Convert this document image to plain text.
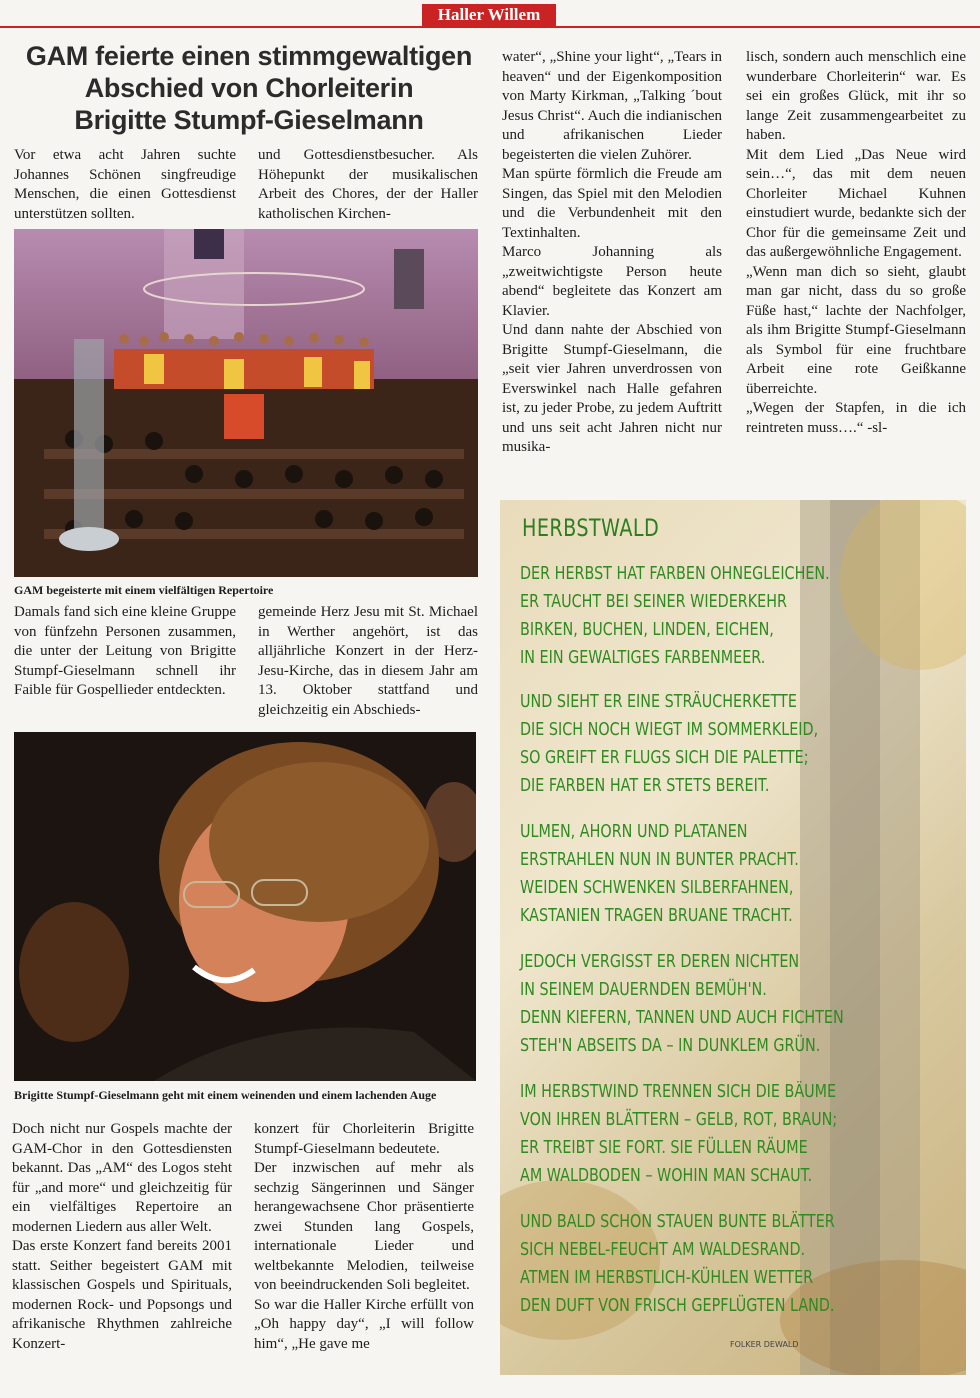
Haller Willem
GAM feierte einen stimmgewaltigen
Abschied von Chorleiterin
Brigitte Stumpf-Gieselmann

Vor etwa acht Jahren suchte Johannes Schönen singfreudige Menschen, die einen Gottesdienst unterstützen sollten.

und Gottesdienstbesucher. Als Höhepunkt der musikalischen Arbeit des Chores, der der Haller katholischen Kirchen-

GAM begeisterte mit einem vielfältigen Repertoire

Damals fand sich eine kleine Gruppe von fünfzehn Personen zusammen, die unter der Leitung von Brigitte Stumpf-Gieselmann schnell ihr Faible für Gospellieder entdeckten.

gemeinde Herz Jesu mit St. Michael in Werther angehört, ist das alljährliche Konzert in der Herz-Jesu-Kirche, das in diesem Jahr am 13. Oktober stattfand und gleichzeitig ein Abschieds-

Brigitte Stumpf-Gieselmann geht mit einem weinenden und einem lachenden Auge

Doch nicht nur Gospels machte der GAM-Chor in den Gottesdiensten bekannt. Das „AM“ des Logos steht für „and more“ und gleichzeitig für ein vielfältiges Repertoire an modernen Liedern aus aller Welt.

Das erste Konzert fand bereits 2001 statt. Seither begeistert GAM mit klassischen Gospels und Spirituals, modernen Rock- und Popsongs und afrikanische Rhythmen zahlreiche Konzert-

konzert für Chorleiterin Brigitte Stumpf-Gieselmann bedeutete.

Der inzwischen auf mehr als sechzig Sängerinnen und Sänger herangewachsene Chor präsentierte zwei Stunden lang Gospels, internationale Lieder und weltbekannte Melodien, teilweise von beeindruckenden Soli begleitet.

So war die Haller Kirche erfüllt von „Oh happy day“, „I will follow him“, „He gave me

water“, „Shine your light“, „Tears in heaven“ und der Eigenkomposition von Marty Kirkman, „Talking ´bout Jesus Christ“. Auch die indianischen und afrikanischen Lieder begeisterten die vielen Zuhörer.

Man spürte förmlich die Freude am Singen, das Spiel mit den Melodien und die Verbundenheit mit den Textinhalten.

Marco Johanning als „zweitwichtigste Person heute abend“ begleitete das Konzert am Klavier.

Und dann nahte der Abschied von Brigitte Stumpf-Gieselmann, die „seit vier Jahren unverdrossen von Everswinkel nach Halle gefahren ist, zu jeder Probe, zu jedem Auftritt und uns seit acht Jahren nicht nur musika-

lisch, sondern auch menschlich eine wunderbare Chorleiterin“ war. Es sei ein großes Glück, mit ihr so lange Zeit zusammengearbeitet zu haben.

Mit dem Lied „Das Neue wird sein…“, das mit dem neuen Chorleiter Michael Kuhnen einstudiert wurde, bedankte sich der Chor für die gemeinsame Zeit und das außergewöhnliche Engagement.

„Wenn man dich so sieht, glaubt man gar nicht, dass du so große Füße hast,“ lachte der Nachfolger, als ihm Brigitte Stumpf-Gieselmann als Symbol für eine fruchtbare Arbeit eine rote Geißkanne überreichte.

„Wegen der Stapfen, in die ich reintreten muss….“ -sl-

HERBSTWALD
DER HERBST HAT FARBEN OHNEGLEICHEN.
ER TAUCHT BEI SEINER WIEDERKEHR
BIRKEN, BUCHEN, LINDEN, EICHEN,
IN EIN GEWALTIGES FARBENMEER.
UND SIEHT ER EINE STRÄUCHERKETTE
DIE SICH NOCH WIEGT IM SOMMERKLEID,
SO GREIFT ER FLUGS SICH DIE PALETTE;
DIE FARBEN HAT ER STETS BEREIT.
ULMEN, AHORN UND PLATANEN
ERSTRAHLEN NUN IN BUNTER PRACHT.
WEIDEN SCHWENKEN SILBERFAHNEN,
KASTANIEN TRAGEN BRUANE TRACHT.
JEDOCH VERGISST ER DEREN NICHTEN
IN SEINEM DAUERNDEN BEMÜH'N.
DENN KIEFERN, TANNEN UND AUCH FICHTEN
STEH'N ABSEITS DA – IN DUNKLEM GRÜN.
IM HERBSTWIND TRENNEN SICH DIE BÄUME
VON IHREN BLÄTTERN – GELB, ROT, BRAUN;
ER TREIBT SIE FORT. SIE FÜLLEN RÄUME
AM WALDBODEN – WOHIN MAN SCHAUT.
UND BALD SCHON STAUEN BUNTE BLÄTTER
SICH NEBEL-FEUCHT AM WALDESRAND.
ATMEN IM HERBSTLICH-KÜHLEN WETTER
DEN DUFT VON FRISCH GEPFLÜGTEN LAND.
FOLKER DEWALD
